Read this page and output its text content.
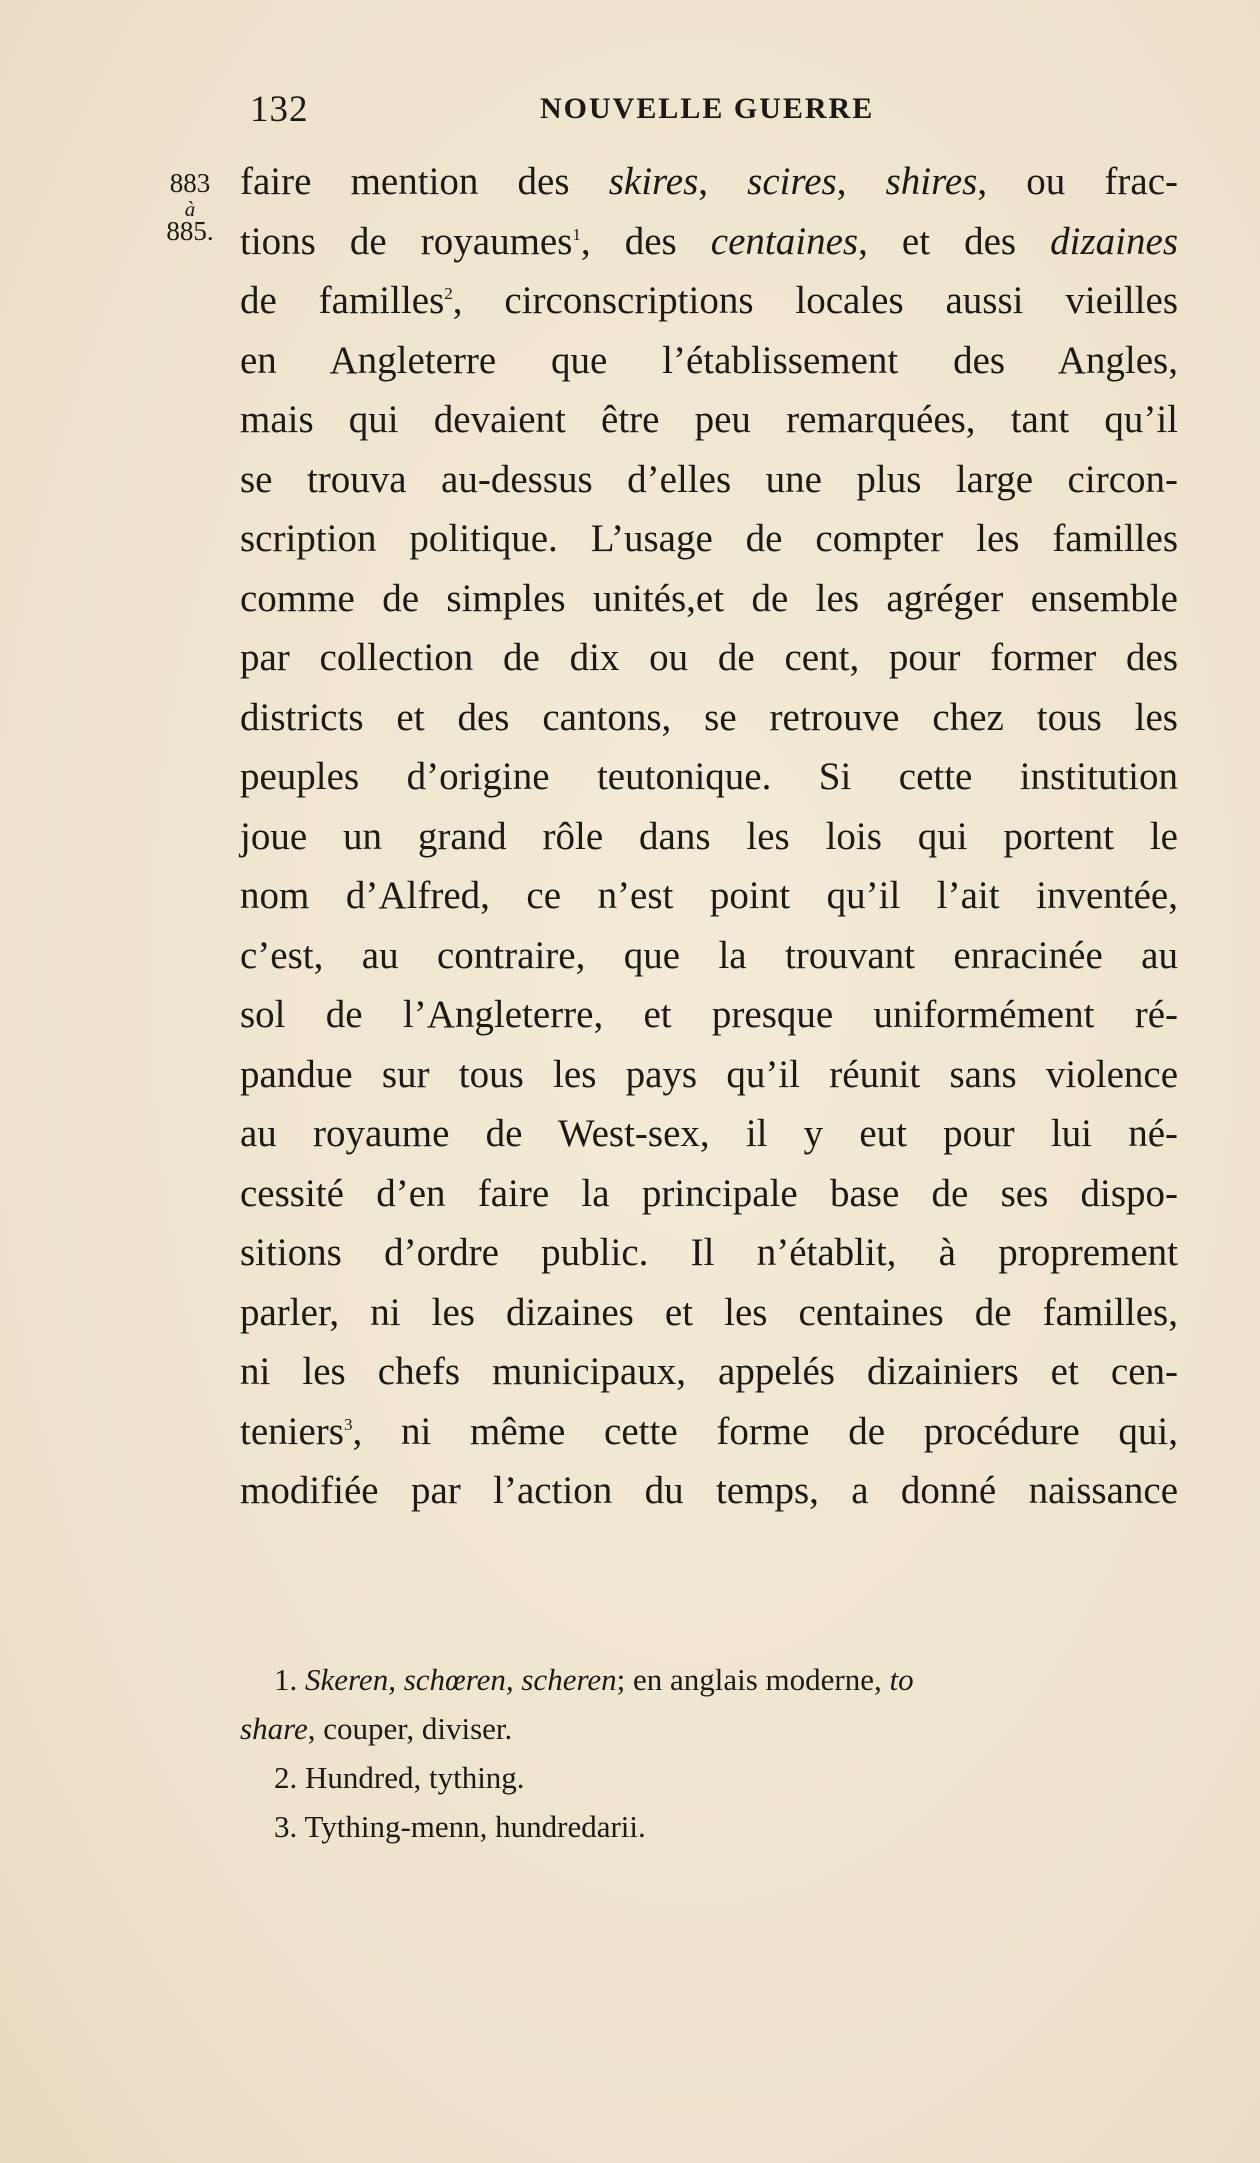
132	NOUVELLE GUERRE
883
à
885.
faire mention des skires, scires, shires, ou frac-
tions de royaumes$^1$, des centaines, et des dizaines
de familles$^2$, circonscriptions locales aussi vieilles
en Angleterre que l’établissement des Angles,
mais qui devaient être peu remarquées, tant qu’il
se trouva au-dessus d’elles une plus large circon-
scription politique. L’usage de compter les familles
comme de simples unités,et de les agréger ensemble
par collection de dix ou de cent, pour former des
districts et des cantons, se retrouve chez tous les
peuples d’origine teutonique. Si cette institution
joue un grand rôle dans les lois qui portent le
nom d’Alfred, ce n’est point qu’il l’ait inventée,
c’est, au contraire, que la trouvant enracinée au
sol de l’Angleterre, et presque uniformément ré-
pandue sur tous les pays qu’il réunit sans violence
au royaume de West-sex, il y eut pour lui né-
cessité d’en faire la principale base de ses dispo-
sitions d’ordre public. Il n’établit, à proprement
parler, ni les dizaines et les centaines de familles,
ni les chefs municipaux, appelés dizainiers et cen-
teniers$^3$, ni même cette forme de procédure qui,
modifiée par l’action du temps, a donné naissance
1. Skeren, schœren, scheren; en anglais moderne, to
share, couper, diviser.
2. Hundred, tything.
3. Tything-menn, hundredarii.
